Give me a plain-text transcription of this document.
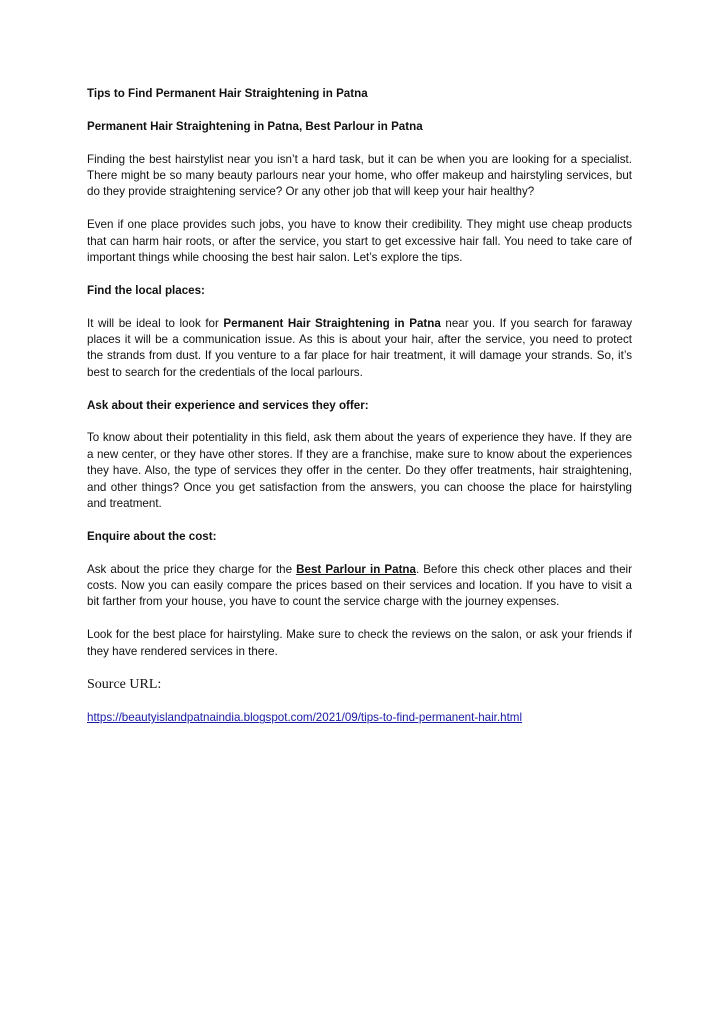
Tips to Find Permanent Hair Straightening in Patna
Permanent Hair Straightening in Patna, Best Parlour in Patna

Finding the best hairstylist near you isn’t a hard task, but it can be when you are looking for a specialist. There might be so many beauty parlours near your home, who offer makeup and hairstyling services, but do they provide straightening service? Or any other job that will keep your hair healthy?

Even if one place provides such jobs, you have to know their credibility. They might use cheap products that can harm hair roots, or after the service, you start to get excessive hair fall. You need to take care of important things while choosing the best hair salon. Let’s explore the tips.

Find the local places:

It will be ideal to look for Permanent Hair Straightening in Patna near you. If you search for faraway places it will be a communication issue. As this is about your hair, after the service, you need to protect the strands from dust. If you venture to a far place for hair treatment, it will damage your strands. So, it’s best to search for the credentials of the local parlours.

Ask about their experience and services they offer:

To know about their potentiality in this field, ask them about the years of experience they have. If they are a new center, or they have other stores. If they are a franchise, make sure to know about the experiences they have. Also, the type of services they offer in the center. Do they offer treatments, hair straightening, and other things? Once you get satisfaction from the answers, you can choose the place for hairstyling and treatment.

Enquire about the cost:

Ask about the price they charge for the Best Parlour in Patna. Before this check other places and their costs. Now you can easily compare the prices based on their services and location. If you have to visit a bit farther from your house, you have to count the service charge with the journey expenses.

Look for the best place for hairstyling. Make sure to check the reviews on the salon, or ask your friends if they have rendered services in there.

Source URL:
https://beautyislandpatnaindia.blogspot.com/2021/09/tips-to-find-permanent-hair.html
